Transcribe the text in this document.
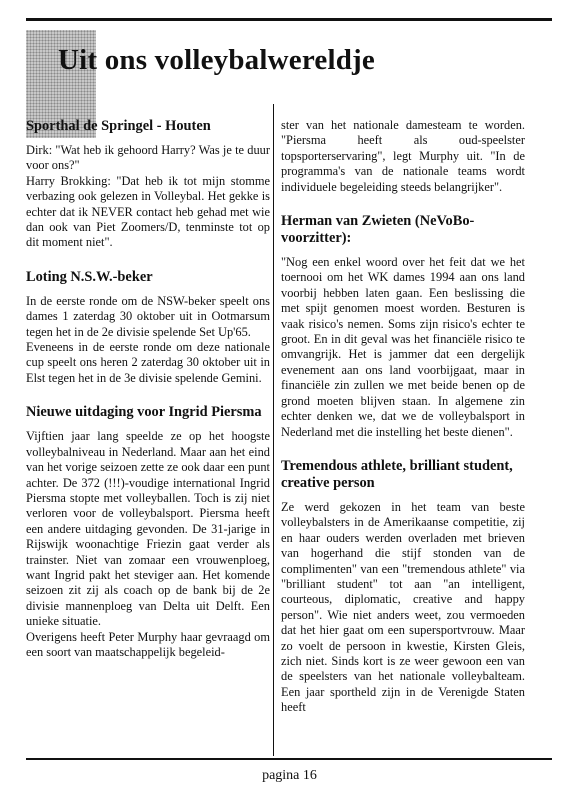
Uit ons volleybalwereldje
Sporthal de Springel - Houten

Dirk: "Wat heb ik gehoord Harry? Was je te duur voor ons?"

Harry Brokking: "Dat heb ik tot mijn stomme verbazing ook gelezen in Volleybal. Het gekke is echter dat ik NEVER contact heb gehad met wie dan ook van Piet Zoomers/D, tenminste tot op dit moment niet".

Loting N.S.W.-beker

In de eerste ronde om de NSW-beker speelt ons dames 1 zaterdag 30 oktober uit in Ootmarsum tegen het in de 2e divisie spelende Set Up'65.

Eveneens in de eerste ronde om deze nationale cup speelt ons heren 2 zaterdag 30 oktober uit in Elst tegen het in de 3e divisie spelende Gemini.

Nieuwe uitdaging voor Ingrid Piersma

Vijftien jaar lang speelde ze op het hoogste volleybalniveau in Nederland. Maar aan het eind van het vorige seizoen zette ze ook daar een punt achter. De 372 (!!!)-voudige international Ingrid Piersma stopte met volleyballen. Toch is zij niet verloren voor de volleybalsport. Piersma heeft een andere uitdaging gevonden. De 31-jarige in Rijswijk woonachtige Friezin gaat verder als trainster. Niet van zomaar een vrouwenploeg, want Ingrid pakt het steviger aan. Het komende seizoen zit zij als coach op de bank bij de 2e divisie mannenploeg van Delta uit Delft. Een unieke situatie.

Overigens heeft Peter Murphy haar gevraagd om een soort van maatschappelijk begeleid-

ster van het nationale damesteam te worden. "Piersma heeft als oud-speelster topsporterservaring", legt Murphy uit. "In de programma's van de nationale teams wordt individuele begeleiding steeds belangrijker".

Herman van Zwieten (NeVoBo-voorzitter):

"Nog een enkel woord over het feit dat we het toernooi om het WK dames 1994 aan ons land voorbij hebben laten gaan. Een beslissing die met spijt genomen moest worden. Besturen is vaak risico's nemen. Soms zijn risico's echter te groot. En in dit geval was het financiële risico te omvangrijk. Het is jammer dat een dergelijk evenement aan ons land voorbijgaat, maar in financiële zin zullen we met beide benen op de grond moeten blijven staan. In algemene zin echter denken we, dat we de volleybalsport in Nederland met die instelling het beste dienen".

Tremendous athlete, brilliant student, creative person

Ze werd gekozen in het team van beste volleybalsters in de Amerikaanse competitie, zij en haar ouders werden overladen met brieven van hogerhand die stijf stonden van de complimenten" van een "tremendous athlete" via "brilliant student" tot aan "an intelligent, courteous, diplomatic, creative and happy person". Wie niet anders weet, zou vermoeden dat het hier gaat om een supersportvrouw. Maar zo voelt de persoon in kwestie, Kirsten Gleis, zich niet. Sinds kort is ze weer gewoon een van de speelsters van het nationale volleybalteam. Een jaar sportheld zijn in de Verenigde Staten heeft

pagina 16
